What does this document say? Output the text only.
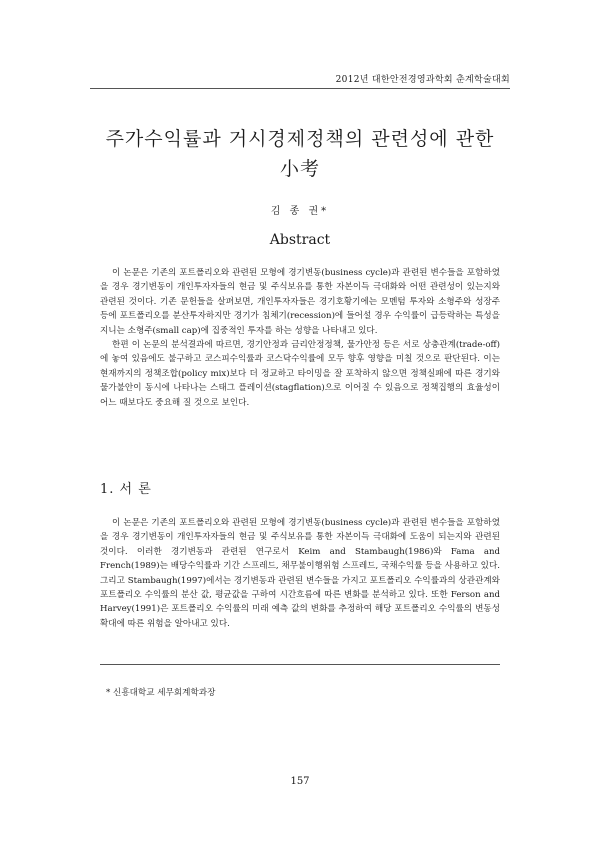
2012년 대한안전경영과학회 춘계학술대회
주가수익률과 거시경제정책의 관련성에 관한
小考
김 종 권*
Abstract

이 논문은 기존의 포트폴리오와 관련된 모형에 경기변동(business cycle)과 관련된 변수들을 포함하였을 경우 경기변동이 개인투자자들의 현금 및 주식보유를 통한 자본이득 극대화와 어떤 관련성이 있는지와 관련된 것이다. 기존 문헌들을 살펴보면, 개인투자자들은 경기호황기에는 모멘텀 투자와 소형주와 성장주 등에 포트폴리오를 분산투자하지만 경기가 침체기(recession)에 들어설 경우 수익률이 급등락하는 특성을 지니는 소형주(small cap)에 집중적인 투자를 하는 성향을 나타내고 있다.

한편 이 논문의 분석결과에 따르면, 경기안정과 금리안정정책, 물가안정 등은 서로 상충관계(trade-off)에 놓여 있음에도 불구하고 코스피수익률과 코스닥수익률에 모두 향후 영향을 미칠 것으로 판단된다. 이는 현재까지의 정책조합(policy mix)보다 더 정교하고 타이밍을 잘 포착하지 않으면 정책실패에 따른 경기와 물가불안이 동시에 나타나는 스태그 플레이션(stagflation)으로 이어질 수 있음으로 정책집행의 효율성이 어느 때보다도 중요해 질 것으로 보인다.

1. 서 론

이 논문은 기존의 포트폴리오와 관련된 모형에 경기변동(business cycle)과 관련된 변수들을 포함하였을 경우 경기변동이 개인투자자들의 현금 및 주식보유를 통한 자본이득 극대화에 도움이 되는지와 관련된 것이다. 이러한 경기변동과 관련된 연구로서 Keim and Stambaugh(1986)와 Fama and French(1989)는 배당수익률과 기간 스프레드, 채무불이행위험 스프레드, 국채수익률 등을 사용하고 있다. 그리고 Stambaugh(1997)에서는 경기변동과 관련된 변수들을 가지고 포트폴리오 수익률과의 상관관계와 포트폴리오 수익률의 분산 값, 평균값을 구하여 시간흐름에 따른 변화를 분석하고 있다. 또한 Ferson and Harvey(1991)은 포트폴리오 수익률의 미래 예측 값의 변화를 추정하여 해당 포트폴리오 수익률의 변동성 확대에 따른 위험을 알아내고 있다.

* 신흥대학교 세무회계학과장
157
